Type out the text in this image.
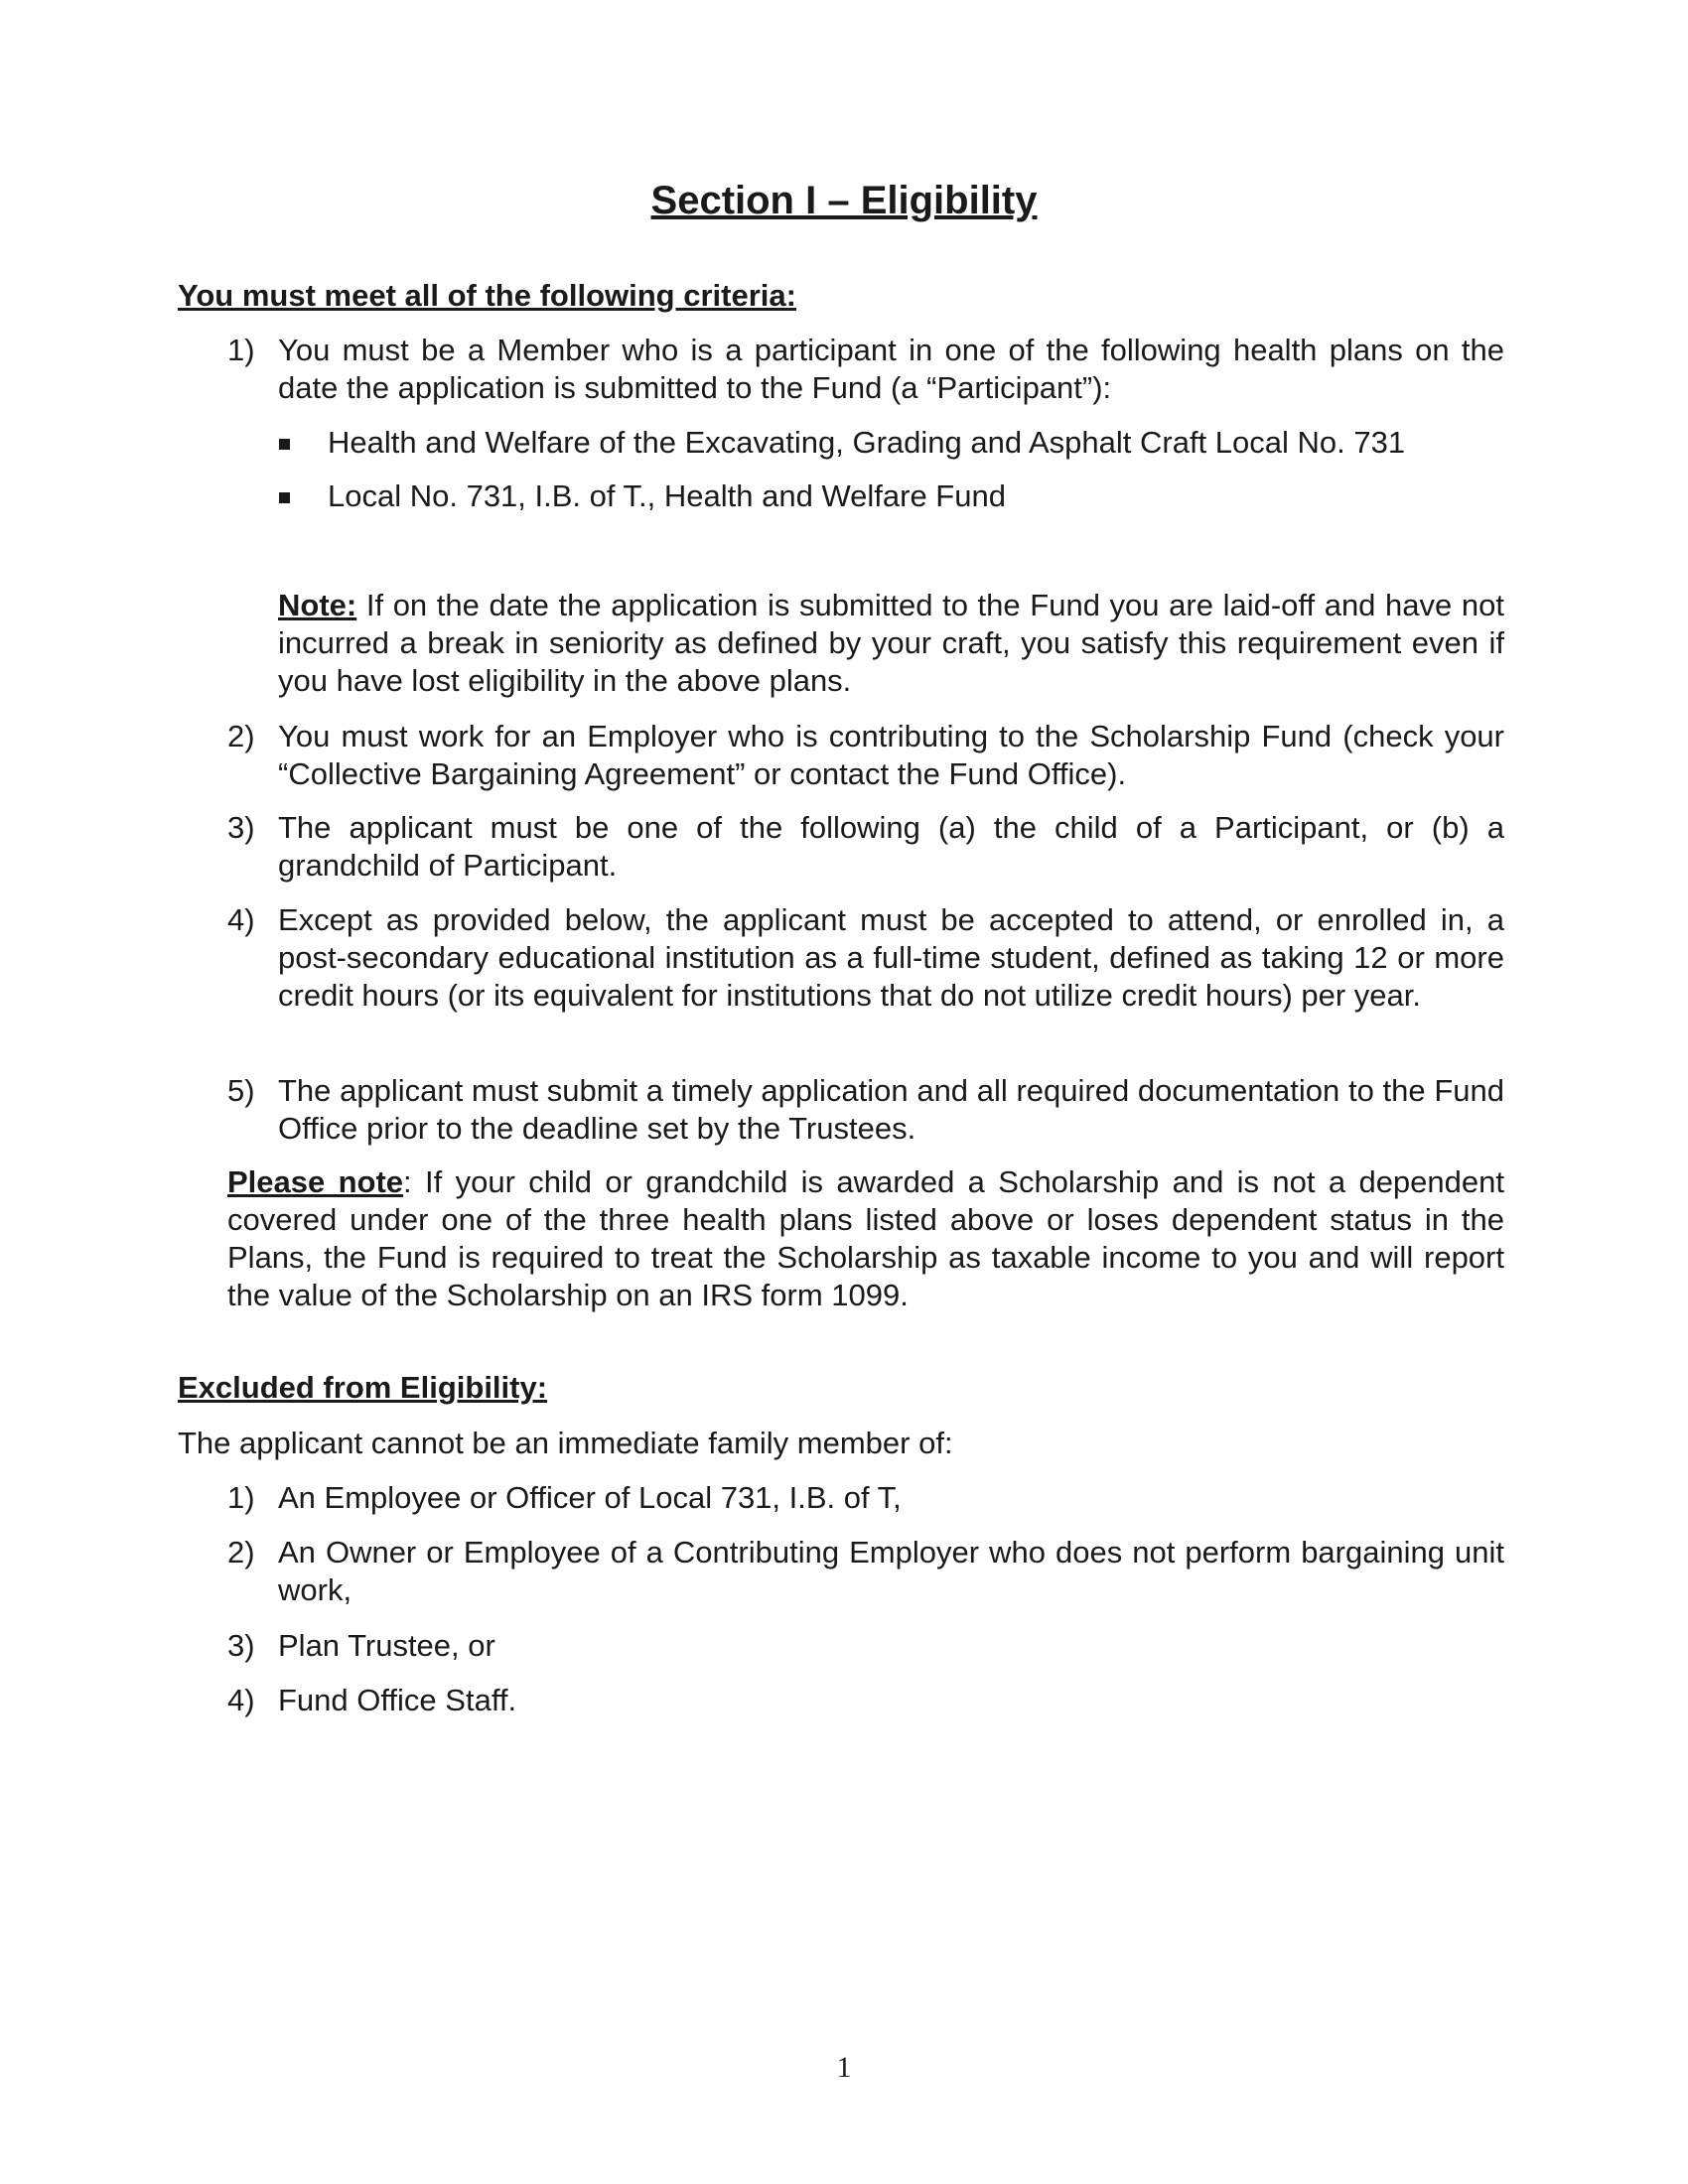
Section I – Eligibility
You must meet all of the following criteria:
1) You must be a Member who is a participant in one of the following health plans on the date the application is submitted to the Fund (a “Participant”):
Health and Welfare of the Excavating, Grading and Asphalt Craft Local No. 731
Local No. 731, I.B. of T., Health and Welfare Fund
Note: If on the date the application is submitted to the Fund you are laid-off and have not incurred a break in seniority as defined by your craft, you satisfy this requirement even if you have lost eligibility in the above plans.
2) You must work for an Employer who is contributing to the Scholarship Fund (check your “Collective Bargaining Agreement” or contact the Fund Office).
3) The applicant must be one of the following (a) the child of a Participant, or (b) a grandchild of Participant.
4) Except as provided below, the applicant must be accepted to attend, or enrolled in, a post-secondary educational institution as a full-time student, defined as taking 12 or more credit hours (or its equivalent for institutions that do not utilize credit hours) per year.
5) The applicant must submit a timely application and all required documentation to the Fund Office prior to the deadline set by the Trustees.
Please note: If your child or grandchild is awarded a Scholarship and is not a dependent covered under one of the three health plans listed above or loses dependent status in the Plans, the Fund is required to treat the Scholarship as taxable income to you and will report the value of the Scholarship on an IRS form 1099.
Excluded from Eligibility:
The applicant cannot be an immediate family member of:
1) An Employee or Officer of Local 731, I.B. of T,
2) An Owner or Employee of a Contributing Employer who does not perform bargaining unit work,
3) Plan Trustee, or
4) Fund Office Staff.
1
